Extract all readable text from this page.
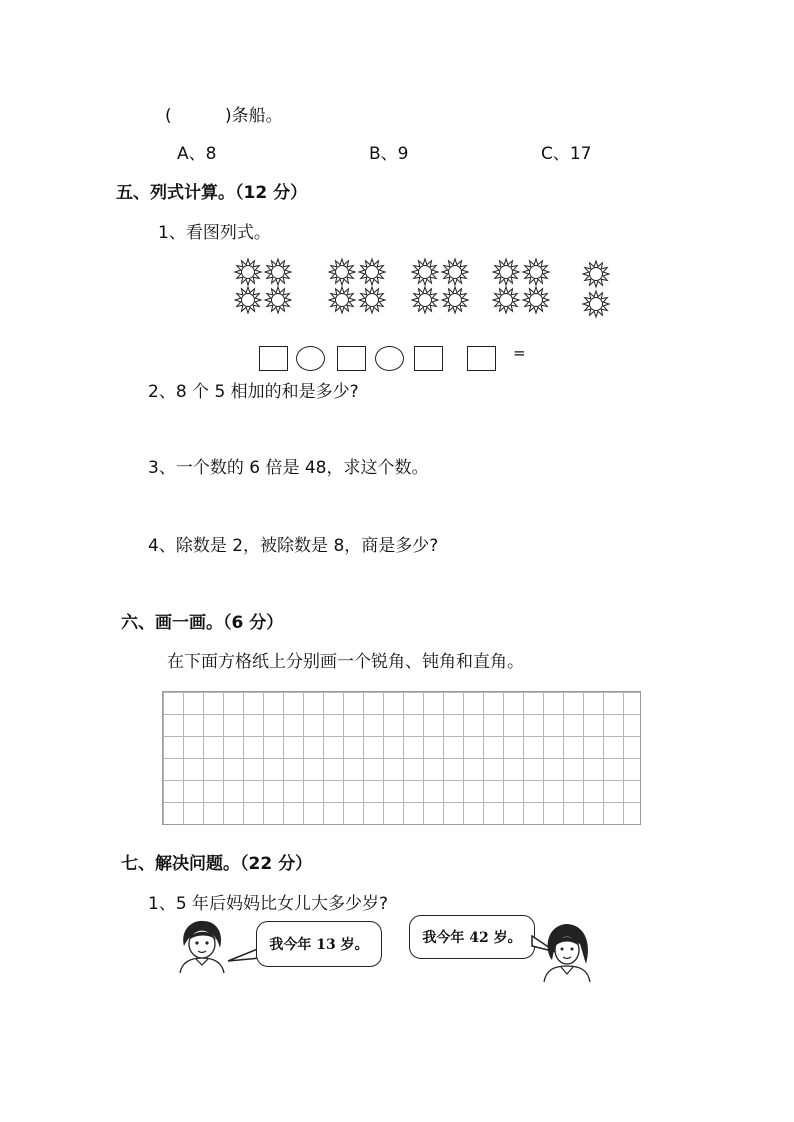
(	)条船。
A、8	B、9	C、17
五、列式计算。（12 分）
1、看图列式。
=
2、8 个 5 相加的和是多少?
3、一个数的 6 倍是 48，求这个数。
4、除数是 2，被除数是 8，商是多少?
六、画一画。（6 分）
在下面方格纸上分别画一个锐角、钝角和直角。
七、解决问题。（22 分）
1、5 年后妈妈比女儿大多少岁?
我今年 13 岁。	我今年 42 岁。
